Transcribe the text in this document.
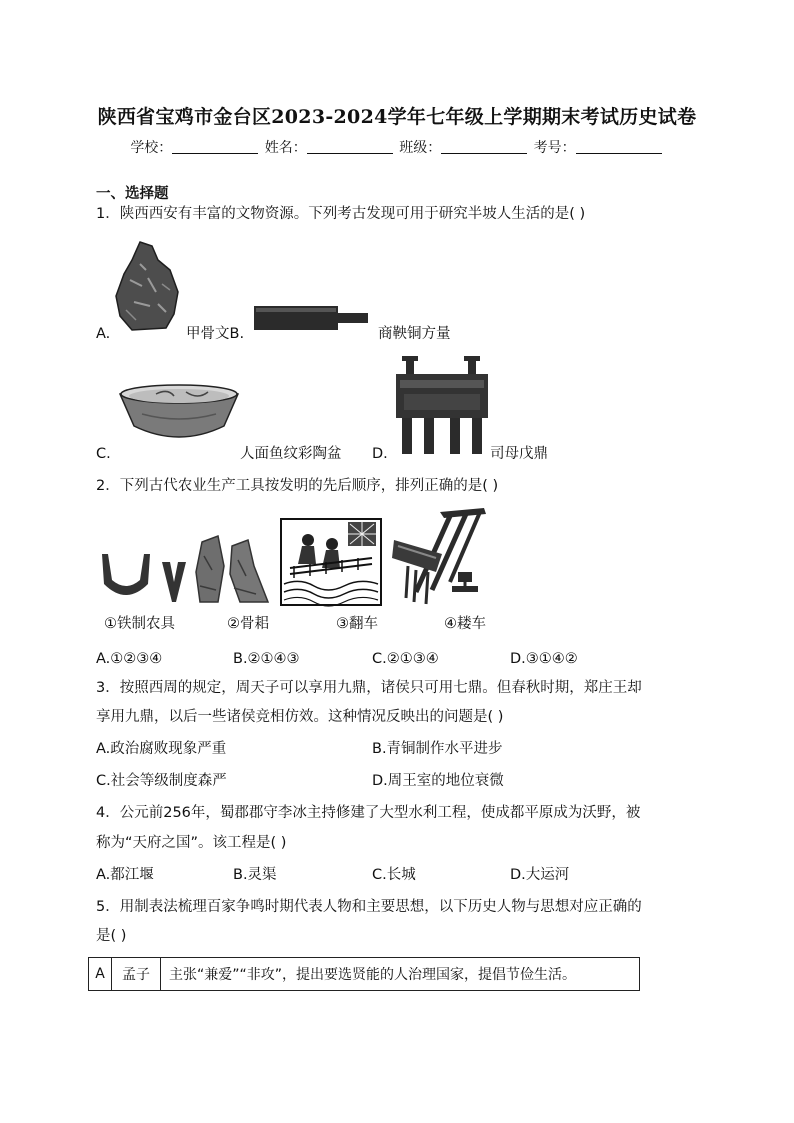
陕西省宝鸡市金台区2023-2024学年七年级上学期期末考试历史试卷
学校：	姓名：	班级：	考号：
一、选择题
1．陕西西安有丰富的文物资源。下列考古发现可用于研究半坡人生活的是( )
A.	甲骨文B.	商鞅铜方量
C.	人面鱼纹彩陶盆 D.	司母戊鼎
2．下列古代农业生产工具按发明的先后顺序，排列正确的是( )
①铁制农具	②骨耜	③翻车	④耧车
A.①②③④	B.②①④③	C.②①③④	D.③①④②
3．按照西周的规定，周天子可以享用九鼎，诸侯只可用七鼎。但春秋时期，郑庄王却
享用九鼎，以后一些诸侯竞相仿效。这种情况反映出的问题是( )
A.政治腐败现象严重	B.青铜制作水平进步
C.社会等级制度森严	D.周王室的地位衰微
4．公元前256年，蜀郡郡守李冰主持修建了大型水利工程，使成都平原成为沃野，被
称为“天府之国”。该工程是( )
A.都江堰	B.灵渠	C.长城	D.大运河
5．用制表法梳理百家争鸣时期代表人物和主要思想，以下历史人物与思想对应正确的
是( )
A	孟子	主张“兼爱”“非攻”，提出要选贤能的人治理国家，提倡节俭生活。
